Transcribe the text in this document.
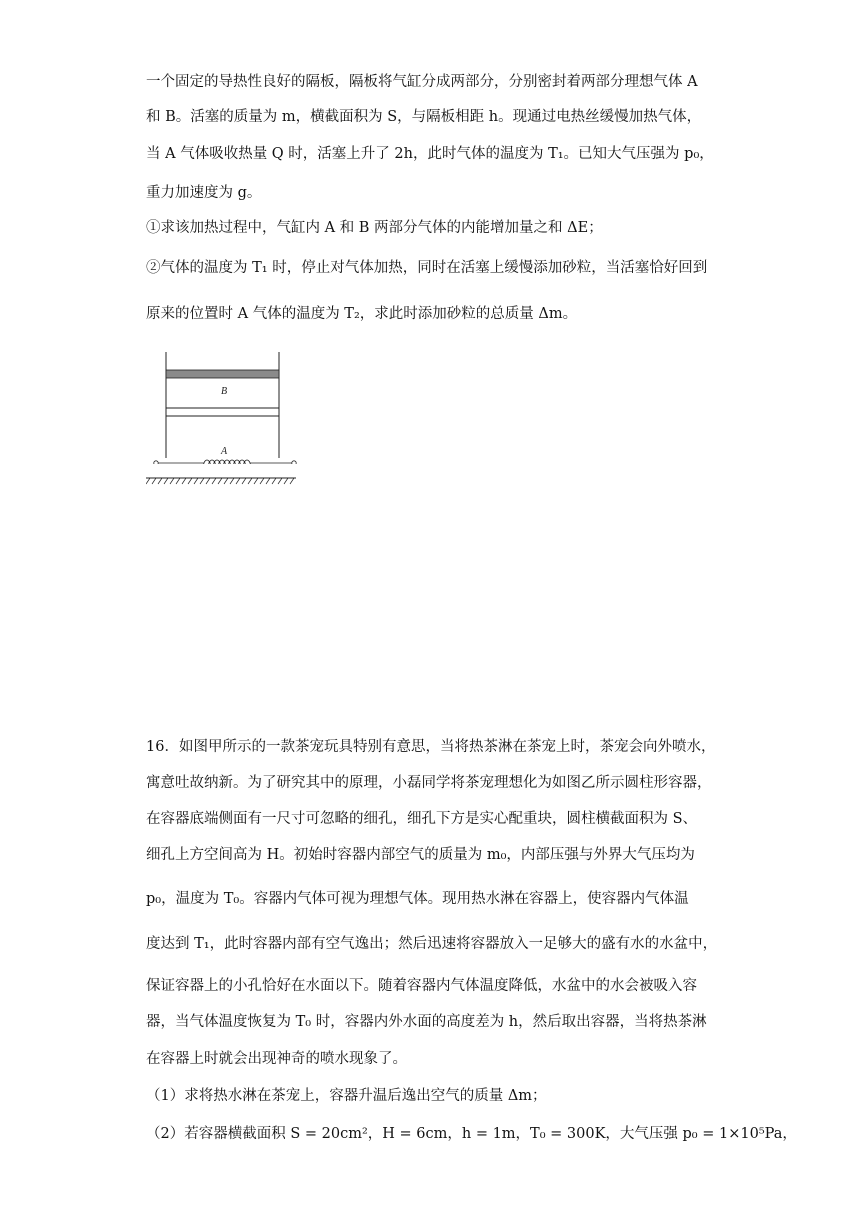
一个固定的导热性良好的隔板，隔板将气缸分成两部分，分别密封着两部分理想气体 A
和 B。活塞的质量为 m，横截面积为 S，与隔板相距 h。现通过电热丝缓慢加热气体，
当 A 气体吸收热量 Q 时，活塞上升了 2h，此时气体的温度为 T₁。已知大气压强为 p₀，
重力加速度为 g。
①求该加热过程中，气缸内 A 和 B 两部分气体的内能增加量之和 ΔE；
②气体的温度为 T₁ 时，停止对气体加热，同时在活塞上缓慢添加砂粒，当活塞恰好回到
原来的位置时 A 气体的温度为 T₂，求此时添加砂粒的总质量 Δm。
B
A
16．如图甲所示的一款茶宠玩具特别有意思，当将热茶淋在茶宠上时，茶宠会向外喷水，
寓意吐故纳新。为了研究其中的原理，小磊同学将茶宠理想化为如图乙所示圆柱形容器，
在容器底端侧面有一尺寸可忽略的细孔，细孔下方是实心配重块，圆柱横截面积为 S、
细孔上方空间高为 H。初始时容器内部空气的质量为 m₀，内部压强与外界大气压均为
p₀，温度为 T₀。容器内气体可视为理想气体。现用热水淋在容器上，使容器内气体温
度达到 T₁，此时容器内部有空气逸出；然后迅速将容器放入一足够大的盛有水的水盆中，
保证容器上的小孔恰好在水面以下。随着容器内气体温度降低，水盆中的水会被吸入容
器，当气体温度恢复为 T₀ 时，容器内外水面的高度差为 h，然后取出容器，当将热茶淋
在容器上时就会出现神奇的喷水现象了。
（1）求将热水淋在茶宠上，容器升温后逸出空气的质量 Δm；
（2）若容器横截面积 S = 20cm²，H = 6cm，h = 1m，T₀ = 300K，大气压强 p₀ = 1×10⁵Pa，
